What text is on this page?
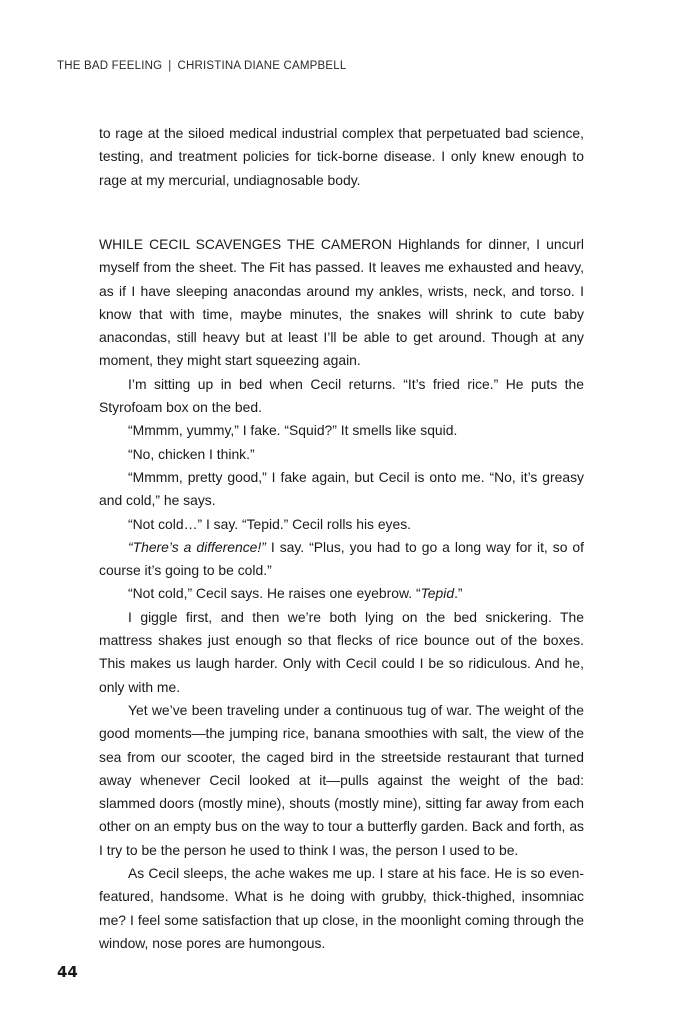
THE BAD FEELING | CHRISTINA DIANE CAMPBELL

to rage at the siloed medical industrial complex that perpetuated bad science, testing, and treatment policies for tick-borne disease. I only knew enough to rage at my mercurial, undiagnosable body.

WHILE CECIL SCAVENGES THE CAMERON Highlands for dinner, I uncurl myself from the sheet. The Fit has passed. It leaves me exhausted and heavy, as if I have sleeping anacondas around my ankles, wrists, neck, and torso. I know that with time, maybe minutes, the snakes will shrink to cute baby anacondas, still heavy but at least I’ll be able to get around. Though at any moment, they might start squeezing again.

I’m sitting up in bed when Cecil returns. “It’s fried rice.” He puts the Styrofoam box on the bed.

“Mmmm, yummy,” I fake. “Squid?” It smells like squid.

“No, chicken I think.”

“Mmmm, pretty good,” I fake again, but Cecil is onto me. “No, it’s greasy and cold,” he says.

“Not cold…” I say. “Tepid.” Cecil rolls his eyes.

“There’s a difference!” I say. “Plus, you had to go a long way for it, so of course it’s going to be cold.”

“Not cold,” Cecil says. He raises one eyebrow. “Tepid.”

I giggle first, and then we’re both lying on the bed snickering. The mattress shakes just enough so that flecks of rice bounce out of the boxes. This makes us laugh harder. Only with Cecil could I be so ridiculous. And he, only with me.

Yet we’ve been traveling under a continuous tug of war. The weight of the good moments—the jumping rice, banana smoothies with salt, the view of the sea from our scooter, the caged bird in the streetside restaurant that turned away whenever Cecil looked at it—pulls against the weight of the bad: slammed doors (mostly mine), shouts (mostly mine), sitting far away from each other on an empty bus on the way to tour a butterfly garden. Back and forth, as I try to be the person he used to think I was, the person I used to be.

As Cecil sleeps, the ache wakes me up. I stare at his face. He is so even-featured, handsome. What is he doing with grubby, thick-thighed, insomniac me? I feel some satisfaction that up close, in the moonlight coming through the window, nose pores are humongous.

44
